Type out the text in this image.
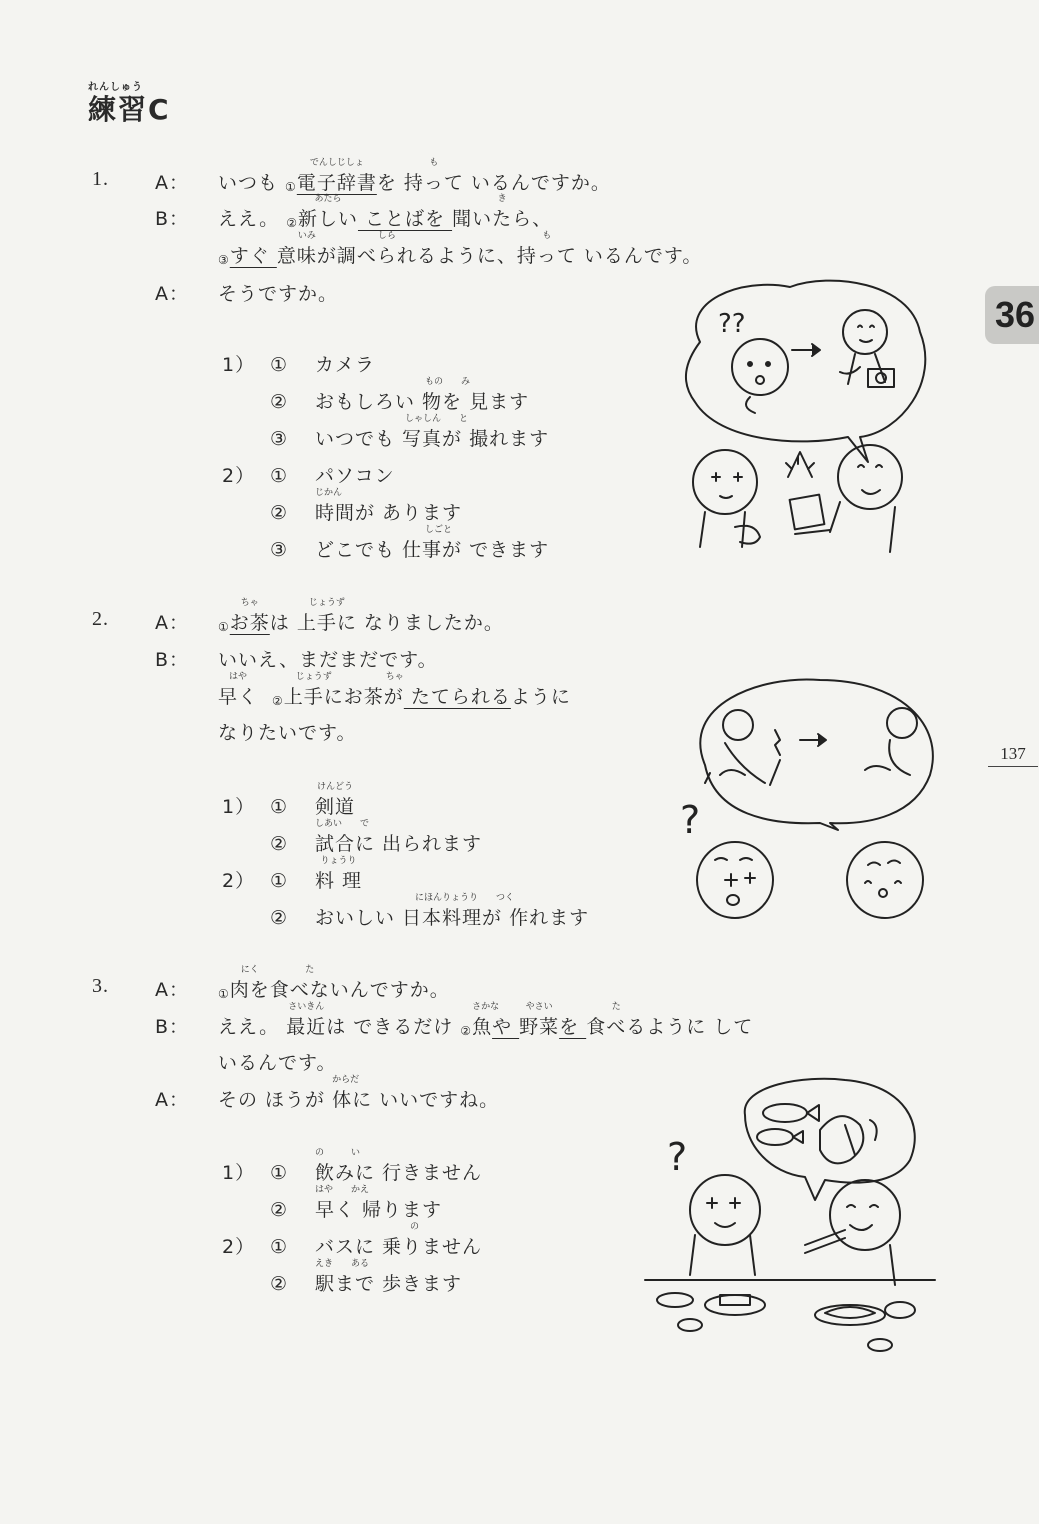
れんしゅう
練習C
36
137
1. A： いつも ①
でんしじしょ
電子辞書を
も
持って いるんですか。
B： ええ。 ②
あたら
新しい ことばを
き
聞いたら、
③すぐ
いみ
意味が
しら
調べられるように、
も
持って いるんです。
A： そうですか。
1） ① カメラ
②
もの　　み
おもしろい 物を 見ます
③
しゃしん　　と
いつでも 写真が 撮れます
2） ① パソコン
②
じかん
時間が あります
③
しごと
どこでも 仕事が できます
??
2. A： ①
ちゃ
お茶は
じょうず
上手に なりましたか。
B： いいえ、まだまだです。
はや
早く ②
じょうず
上手に
ちゃ
お茶が たてられるように
なりたいです。
1） ①
けんどう
剣道
②
しあい　　で
試合に 出られます
2） ①
りょうり
料 理
②
にほんりょうり　　つく
おいしい 日本料理が 作れます
?
3. A： ①
にく
肉を
た
食べないんですか。
B： ええ。
さいきん
最近は できるだけ ②
さかな
魚や
やさい
野菜を
た
食べるように して
いるんです。
A： その ほうが
からだ
体に いいですね。
1） ①
の　　　い
飲みに 行きません
②
はや　　かえ
早く 帰ります
2） ①
の
バスに 乗りません
②
えき　　ある
駅まで 歩きます
?
